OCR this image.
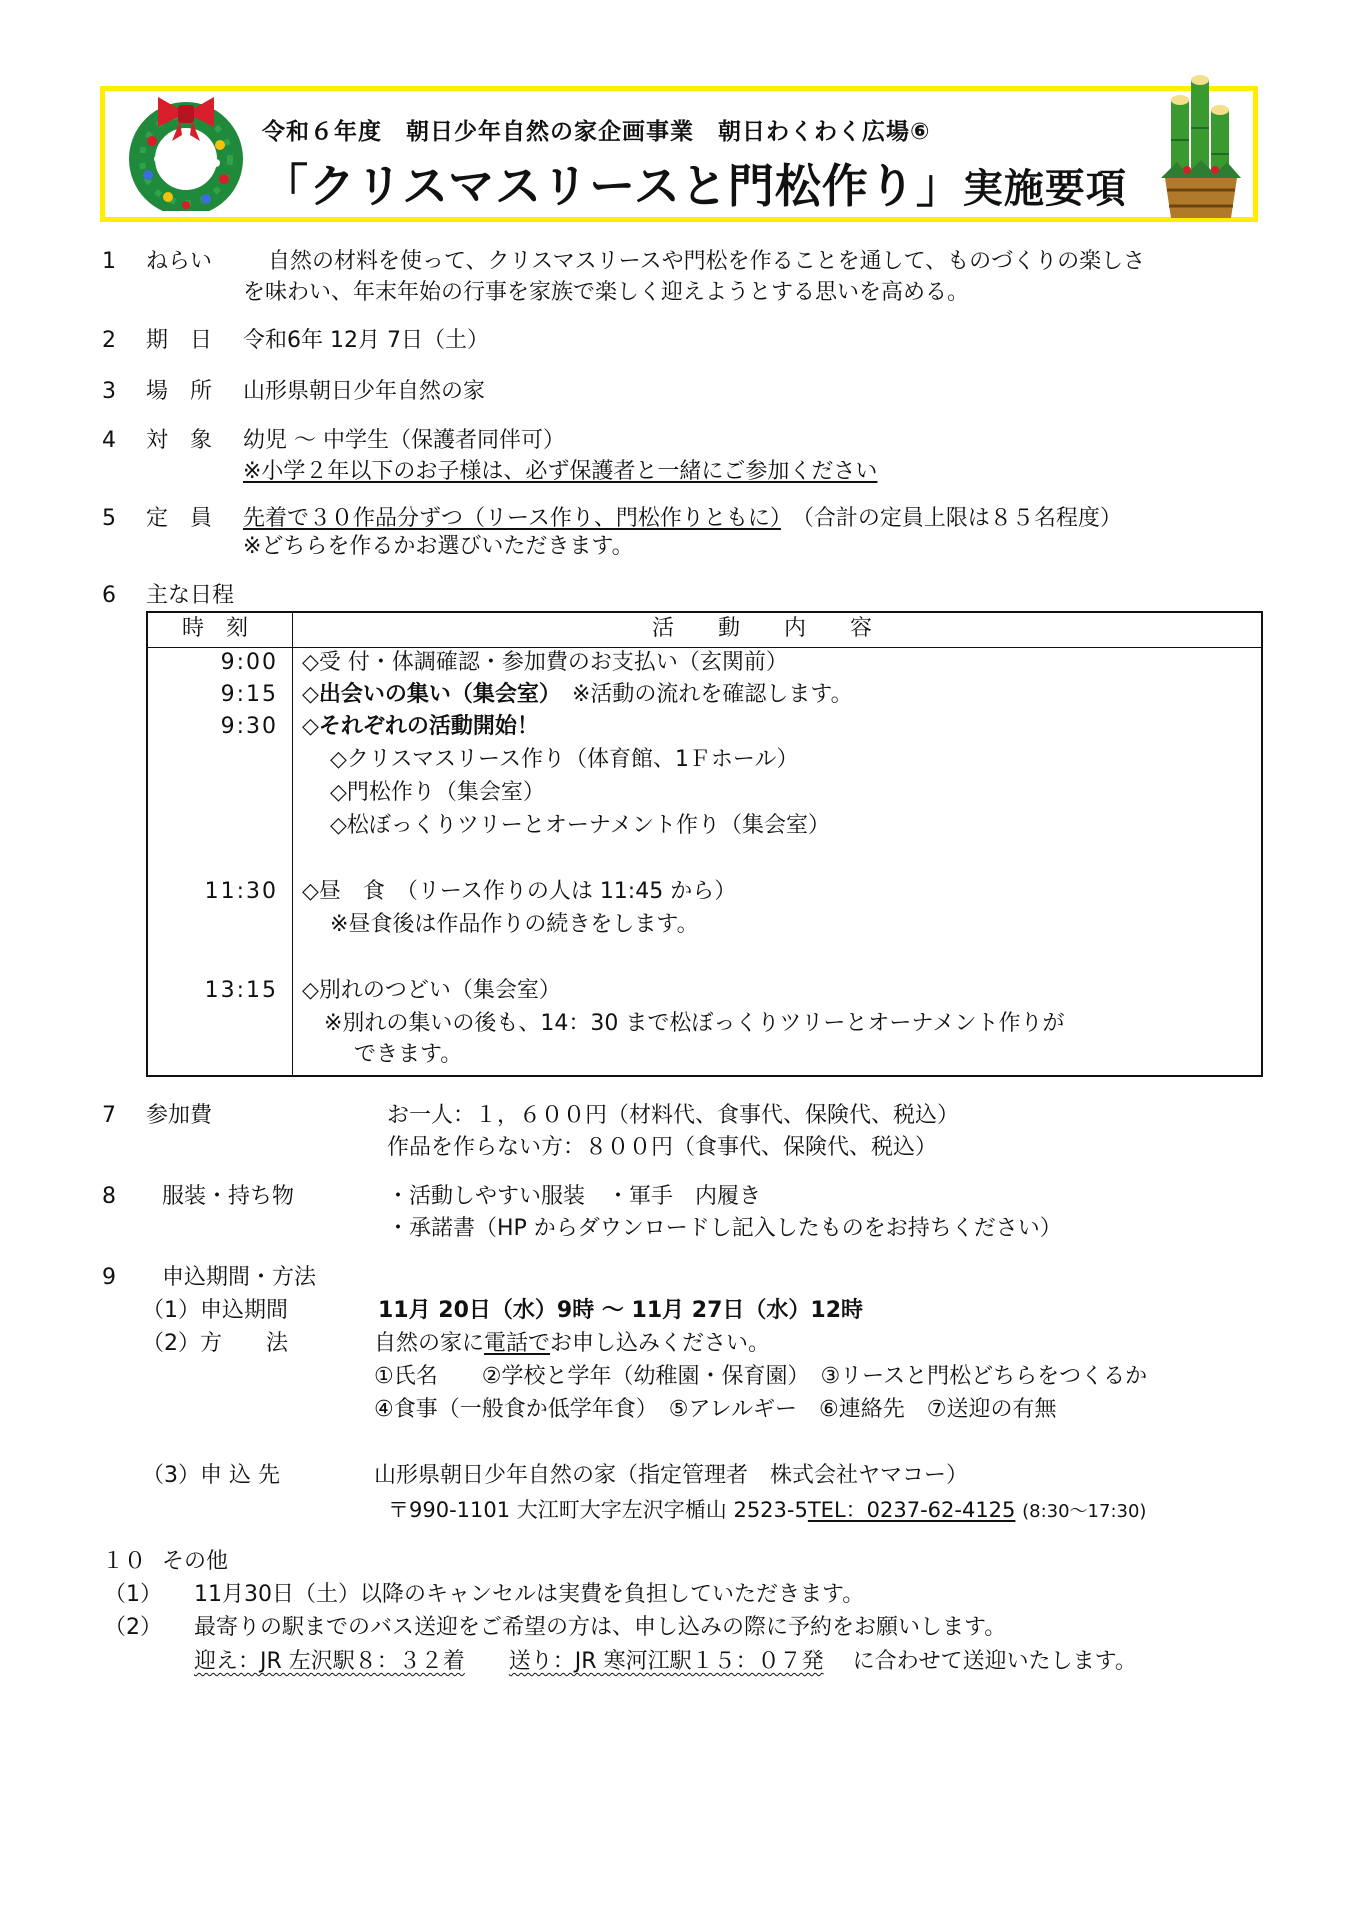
令和６年度　朝日少年自然の家企画事業　朝日わくわく広場⑥
「クリスマスリースと門松作り」実施要項
1 ねらい	自然の材料を使って、クリスマスリースや門松を作ることを通して、ものづくりの楽しさ
を味わい、年末年始の行事を家族で楽しく迎えようとする思いを高める。
2 期　日 令和6年 12月 7日（土）
3 場　所 山形県朝日少年自然の家
4 対　象 幼児 ～ 中学生（保護者同伴可）
※小学２年以下のお子様は、必ず保護者と一緒にご参加ください
5 定　員 先着で３０作品分ずつ（リース作り、門松作りともに）　 （合計の定員上限は８５名程度）
※どちらを作るかお選びいただきます。
6 主な日程
時　刻	活　　動　　内　　容
9:00 ◇受 付・体調確認・参加費のお支払い（玄関前）
9:15 ◇出会いの集い（集会室）　 ※活動の流れを確認します。
9:30 ◇それぞれの活動開始！
◇クリスマスリース作り（体育館、1Ｆホール）
◇門松作り（集会室）
◇松ぼっくりツリーとオーナメント作り（集会室）
11:30 ◇昼　食　（リース作りの人は 11:45 から）
※昼食後は作品作りの続きをします。
13:15 ◇別れのつどい（集会室）
※別れの集いの後も、14：30 まで松ぼっくりツリーとオーナメント作りが
できます。
7 参加費	お一人：１，６００円（材料代、食事代、保険代、税込）
作品を作らない方：８００円（食事代、保険代、税込）
8 服装・持ち物	・活動しやすい服装　・軍手　内履き
・承諾書（HP からダウンロードし記入したものをお持ちください）
9 申込期間・方法
（1）申込期間	11月 20日（水）9時 ～ 11月 27日（水）12時
（2）方　　法	自然の家に電話でお申し込みください。
①氏名　　②学校と学年（幼稚園・保育園）　③リースと門松どちらをつくるか
④食事（一般食か低学年食）　⑤アレルギー　⑥連絡先　⑦送迎の有無
（3）申 込 先	山形県朝日少年自然の家（指定管理者　株式会社ヤマコー）
〒990-1101 大江町大字左沢字楯山 2523-5TEL：0237-62-4125 (8:30～17:30)
１０ その他
（1） 11月30日（土）以降のキャンセルは実費を負担していただきます。
（2） 最寄りの駅までのバス送迎をご希望の方は、申し込みの際に予約をお願いします。
迎え：JR 左沢駅８：３２着　　 送り：JR 寒河江駅１５：０７発　 に合わせて送迎いたします。
